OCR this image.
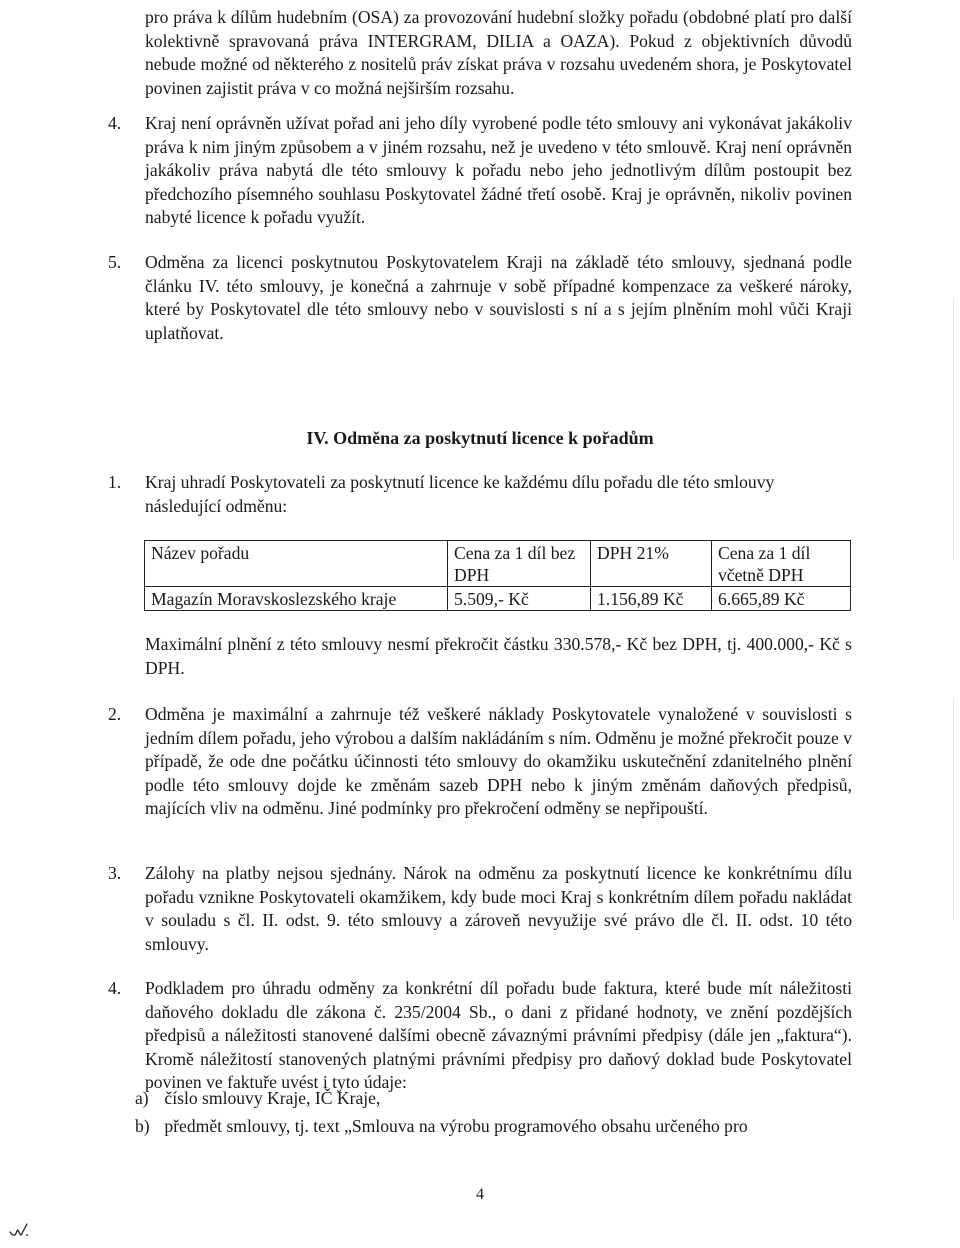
pro práva k dílům hudebním (OSA) za provozování hudební složky pořadu (obdobné platí pro další kolektivně spravovaná práva INTERGRAM, DILIA a OAZA). Pokud z objektivních důvodů nebude možné od některého z nositelů práv získat práva v rozsahu uvedeném shora, je Poskytovatel povinen zajistit práva v co možná nejširším rozsahu.
4.	Kraj není oprávněn užívat pořad ani jeho díly vyrobené podle této smlouvy ani vykonávat jakákoliv práva k nim jiným způsobem a v jiném rozsahu, než je uvedeno v této smlouvě. Kraj není oprávněn jakákoliv práva nabytá dle této smlouvy k pořadu nebo jeho jednotlivým dílům postoupit bez předchozího písemného souhlasu Poskytovatel žádné třetí osobě. Kraj je oprávněn, nikoliv povinen nabyté licence k pořadu využít.
5.	Odměna za licenci poskytnutou Poskytovatelem Kraji na základě této smlouvy, sjednaná podle článku IV. této smlouvy, je konečná a zahrnuje v sobě případné kompenzace za veškeré nároky, které by Poskytovatel dle této smlouvy nebo v souvislosti s ní a s jejím plněním mohl vůči Kraji uplatňovat.
IV. Odměna za poskytnutí licence k pořadům
1.	Kraj uhradí Poskytovateli za poskytnutí licence ke každému dílu pořadu dle této smlouvy následující odměnu:
Název pořadu	Cena za 1 díl bez DPH	DPH 21%	Cena za 1 díl včetně DPH
Magazín Moravskoslezského kraje	5.509,- Kč	1.156,89 Kč	6.665,89 Kč
Maximální plnění z této smlouvy nesmí překročit částku 330.578,- Kč bez DPH, tj. 400.000,- Kč s DPH.
2.	Odměna je maximální a zahrnuje též veškeré náklady Poskytovatele vynaložené v souvislosti s jedním dílem pořadu, jeho výrobou a dalším nakládáním s ním. Odměnu je možné překročit pouze v případě, že ode dne počátku účinnosti této smlouvy do okamžiku uskutečnění zdanitelného plnění podle této smlouvy dojde ke změnám sazeb DPH nebo k jiným změnám daňových předpisů, majících vliv na odměnu. Jiné podmínky pro překročení odměny se nepřipouští.
3.	Zálohy na platby nejsou sjednány. Nárok na odměnu za poskytnutí licence ke konkrétnímu dílu pořadu vznikne Poskytovateli okamžikem, kdy bude moci Kraj s konkrétním dílem pořadu nakládat v souladu s čl. II. odst. 9. této smlouvy a zároveň nevyužije své právo dle čl. II. odst. 10 této smlouvy.
4.	Podkladem pro úhradu odměny za konkrétní díl pořadu bude faktura, které bude mít náležitosti daňového dokladu dle zákona č. 235/2004 Sb., o dani z přidané hodnoty, ve znění pozdějších předpisů a náležitosti stanovené dalšími obecně závaznými právními předpisy (dále jen „faktura“). Kromě náležitostí stanovených platnými právními předpisy pro daňový doklad bude Poskytovatel povinen ve faktuře uvést i tyto údaje:
a) číslo smlouvy Kraje, IČ Kraje,
b) předmět smlouvy, tj. text „Smlouva na výrobu programového obsahu určeného pro
4
